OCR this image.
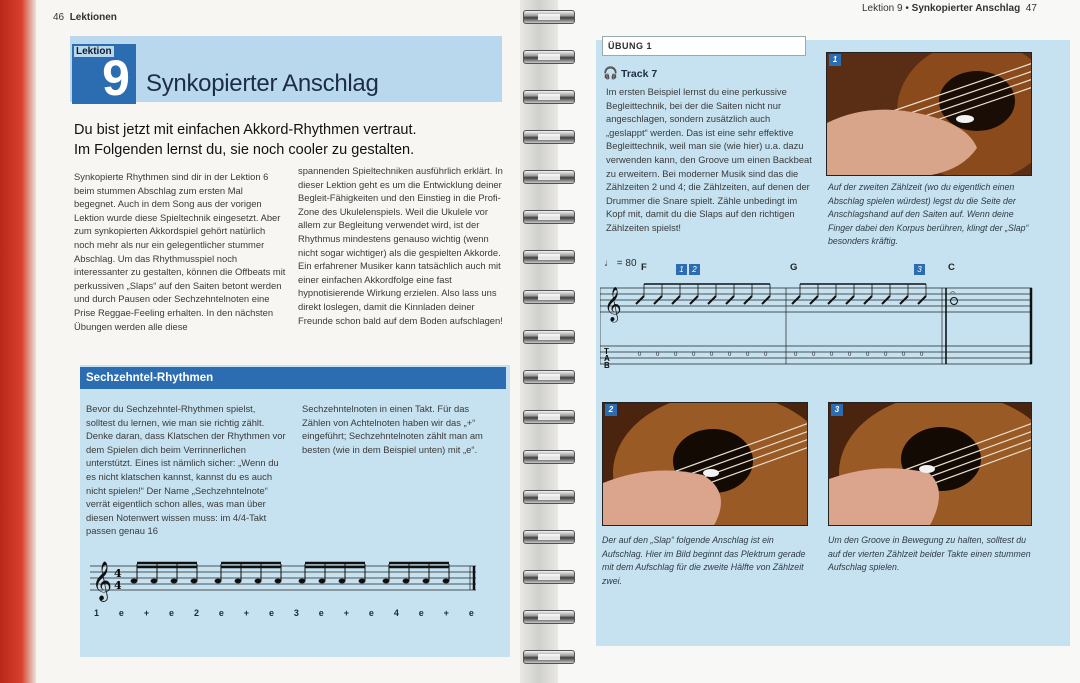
46 Lektionen
Lektion 9 • Synkopierter Anschlag 47
Lektion
9 Synkopierter Anschlag
Du bist jetzt mit einfachen Akkord-Rhythmen vertraut.
Im Folgenden lernst du, sie noch cooler zu gestalten.
Synkopierte Rhythmen sind dir in der Lektion 6 beim stummen Abschlag zum ersten Mal begegnet. Auch in dem Song aus der vorigen Lektion wurde diese Spieltechnik eingesetzt. Aber zum synkopierten Akkordspiel gehört natürlich noch mehr als nur ein gelegentlicher stummer Abschlag. Um das Rhythmusspiel noch interessanter zu gestalten, können die Offbeats mit perkussiven „Slaps“ auf den Saiten betont werden und durch Pausen oder Sechzehntelnoten eine Prise Reggae-Feeling erhalten. In den nächsten Übungen werden alle diese
spannenden Spieltechniken ausführlich erklärt. In dieser Lektion geht es um die Entwicklung deiner Begleit-Fähigkeiten und den Einstieg in die Profi-Zone des Ukulelenspiels. Weil die Ukulele vor allem zur Begleitung verwendet wird, ist der Rhythmus mindestens genauso wichtig (wenn nicht sogar wichtiger) als die gespielten Akkorde. Ein erfahrener Musiker kann tatsächlich auch mit einer einfachen Akkordfolge eine fast hypnotisierende Wirkung erzielen. Also lass uns direkt loslegen, damit die Kinnladen deiner Freunde schon bald auf dem Boden aufschlagen!
Sechzehntel-Rhythmen
Bevor du Sechzehntel-Rhythmen spielst, solltest du lernen, wie man sie richtig zählt. Denke daran, dass Klatschen der Rhythmen vor dem Spielen dich beim Verrinnerlichen unterstützt. Eines ist nämlich sicher: „Wenn du es nicht klatschen kannst, kannst du es auch nicht spielen!“ Der Name „Sechzehntelnote“ verrät eigentlich schon alles, was man über diesen Notenwert wissen muss: im 4/4-Takt passen genau 16
Sechzehntelnoten in einen Takt. Für das Zählen von Achtelnoten haben wir das „+“ eingeführt; Sechzehntelnoten zählt man am besten (wie in dem Beispiel unten) mit „e“.
𝄞 4
4
1 e + e 2 e + e 3 e + e 4 e + e
ÜBUNG 1
🎧 Track 7
Im ersten Beispiel lernst du eine perkussive Begleittechnik, bei der die Saiten nicht nur angeschlagen, sondern zusätzlich auch „geslappt“ werden. Das ist eine sehr effektive Begleittechnik, weil man sie (wie hier) u.a. dazu verwenden kann, den Groove um einen Backbeat zu erweitern. Bei moderner Musik sind das die Zählzeiten 2 und 4; die Zählzeiten, auf denen der Drummer die Snare spielt. Zähle unbedingt im Kopf mit, damit du die Slaps auf den richtigen Zählzeiten spielst!
1
2	3
Auf der zweiten Zählzeit (wo du eigentlich einen Abschlag spielen würdest) legst du die Seite der Anschlagshand auf den Saiten auf. Wenn deine Finger dabei den Korpus berühren, klingt der „Slap“ besonders kräftig.
Der auf den „Slap“ folgende Anschlag ist ein Aufschlag. Hier im Bild beginnt das Plektrum gerade mit dem Aufschlag für die zweite Hälfte von Zählzeit zwei.
Um den Groove in Bewegung zu halten, solltest du auf der vierten Zählzeit beider Takte einen stummen Aufschlag spielen.
♩ = 80 F	1 2	G	3	C
𝄞
T
A
B
0 0 0 0 0 0 0 0	0 0 0 0 0 0 0 0
𝄐
